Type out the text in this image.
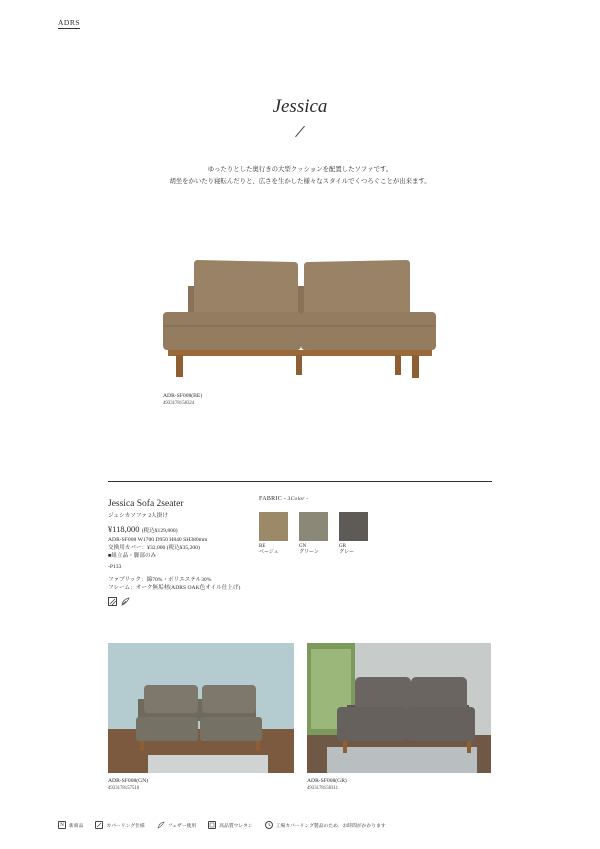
ADRS
Jessica
ゆったりとした奥行きの大型クッションを配置したソファです。
胡坐をかいたり寝転んだりと、広さを生かした様々なスタイルでくつろぐことが出来ます。
ADR-SF008(BE)
4933178158324
Jessica Sofa 2seater
ジェシカソファ 2人掛け
¥118,000 (税込¥129,800)
ADR-SF008 W1700 D950 H840 SH380mm
交換用カバー：¥32,000 (税込¥35,200)
■組立品・脚部のみ
-P133
ファブリック：綿70%・ポリエステル30%
フレーム：オーク無垢材(ADRS OAK色オイル仕上げ)
FABRIC - 3Color -
BE
ベージュ
GN
グリーン
GR
グレー
ADR-SF008(GN)
4933178157510
ADR-SF008(GR)
4933178158311
N	新商品	カバーリング仕様	フェザー使用	高品質ウレタン	工場カバーリング製品のため、お時間がかかります
